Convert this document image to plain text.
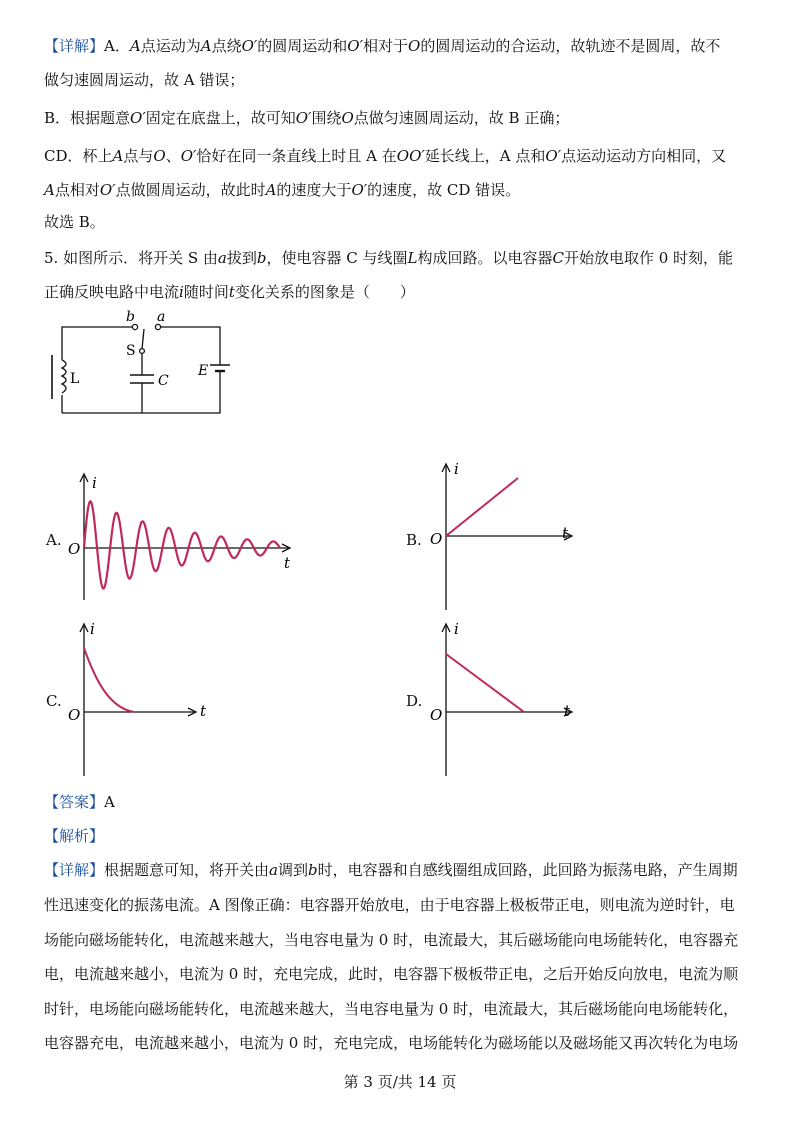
【详解】A．A点运动为A点绕O′的圆周运动和O′相对于O的圆周运动的合运动，故轨迹不是圆周，故不
做匀速圆周运动，故 A 错误；
B．根据题意O′固定在底盘上，故可知O′围绕O点做匀速圆周运动，故 B 正确；
CD．杯上A点与O、O′恰好在同一条直线上时且 A 在OO′延长线上，A 点和O′点运动运动方向相同，又
A点相对O′点做圆周运动，故此时A的速度大于O′的速度，故 CD 错误。
故选 B。
5. 如图所示．将开关 S 由a拔到b，使电容器 C 与线圈L构成回路。以电容器C开始放电取作 0 时刻，能
正确反映电路中电流i随时间t变化关系的图象是（　　）
b a
S
L	C
E
A.
i
O
t
B.
i
O	t
C.
i
O	t
D.
i
O	t
【答案】A
【解析】
【详解】根据题意可知，将开关由a调到b时，电容器和自感线圈组成回路，此回路为振荡电路，产生周期
性迅速变化的振荡电流。A 图像正确：电容器开始放电，由于电容器上极板带正电，则电流为逆时针，电
场能向磁场能转化，电流越来越大，当电容电量为 0 时，电流最大，其后磁场能向电场能转化，电容器充
电，电流越来越小，电流为 0 时，充电完成，此时，电容器下极板带正电，之后开始反向放电，电流为顺
时针，电场能向磁场能转化，电流越来越大，当电容电量为 0 时，电流最大，其后磁场能向电场能转化，
电容器充电，电流越来越小，电流为 0 时，充电完成，电场能转化为磁场能以及磁场能又再次转化为电场
第 3 页/共 14 页
